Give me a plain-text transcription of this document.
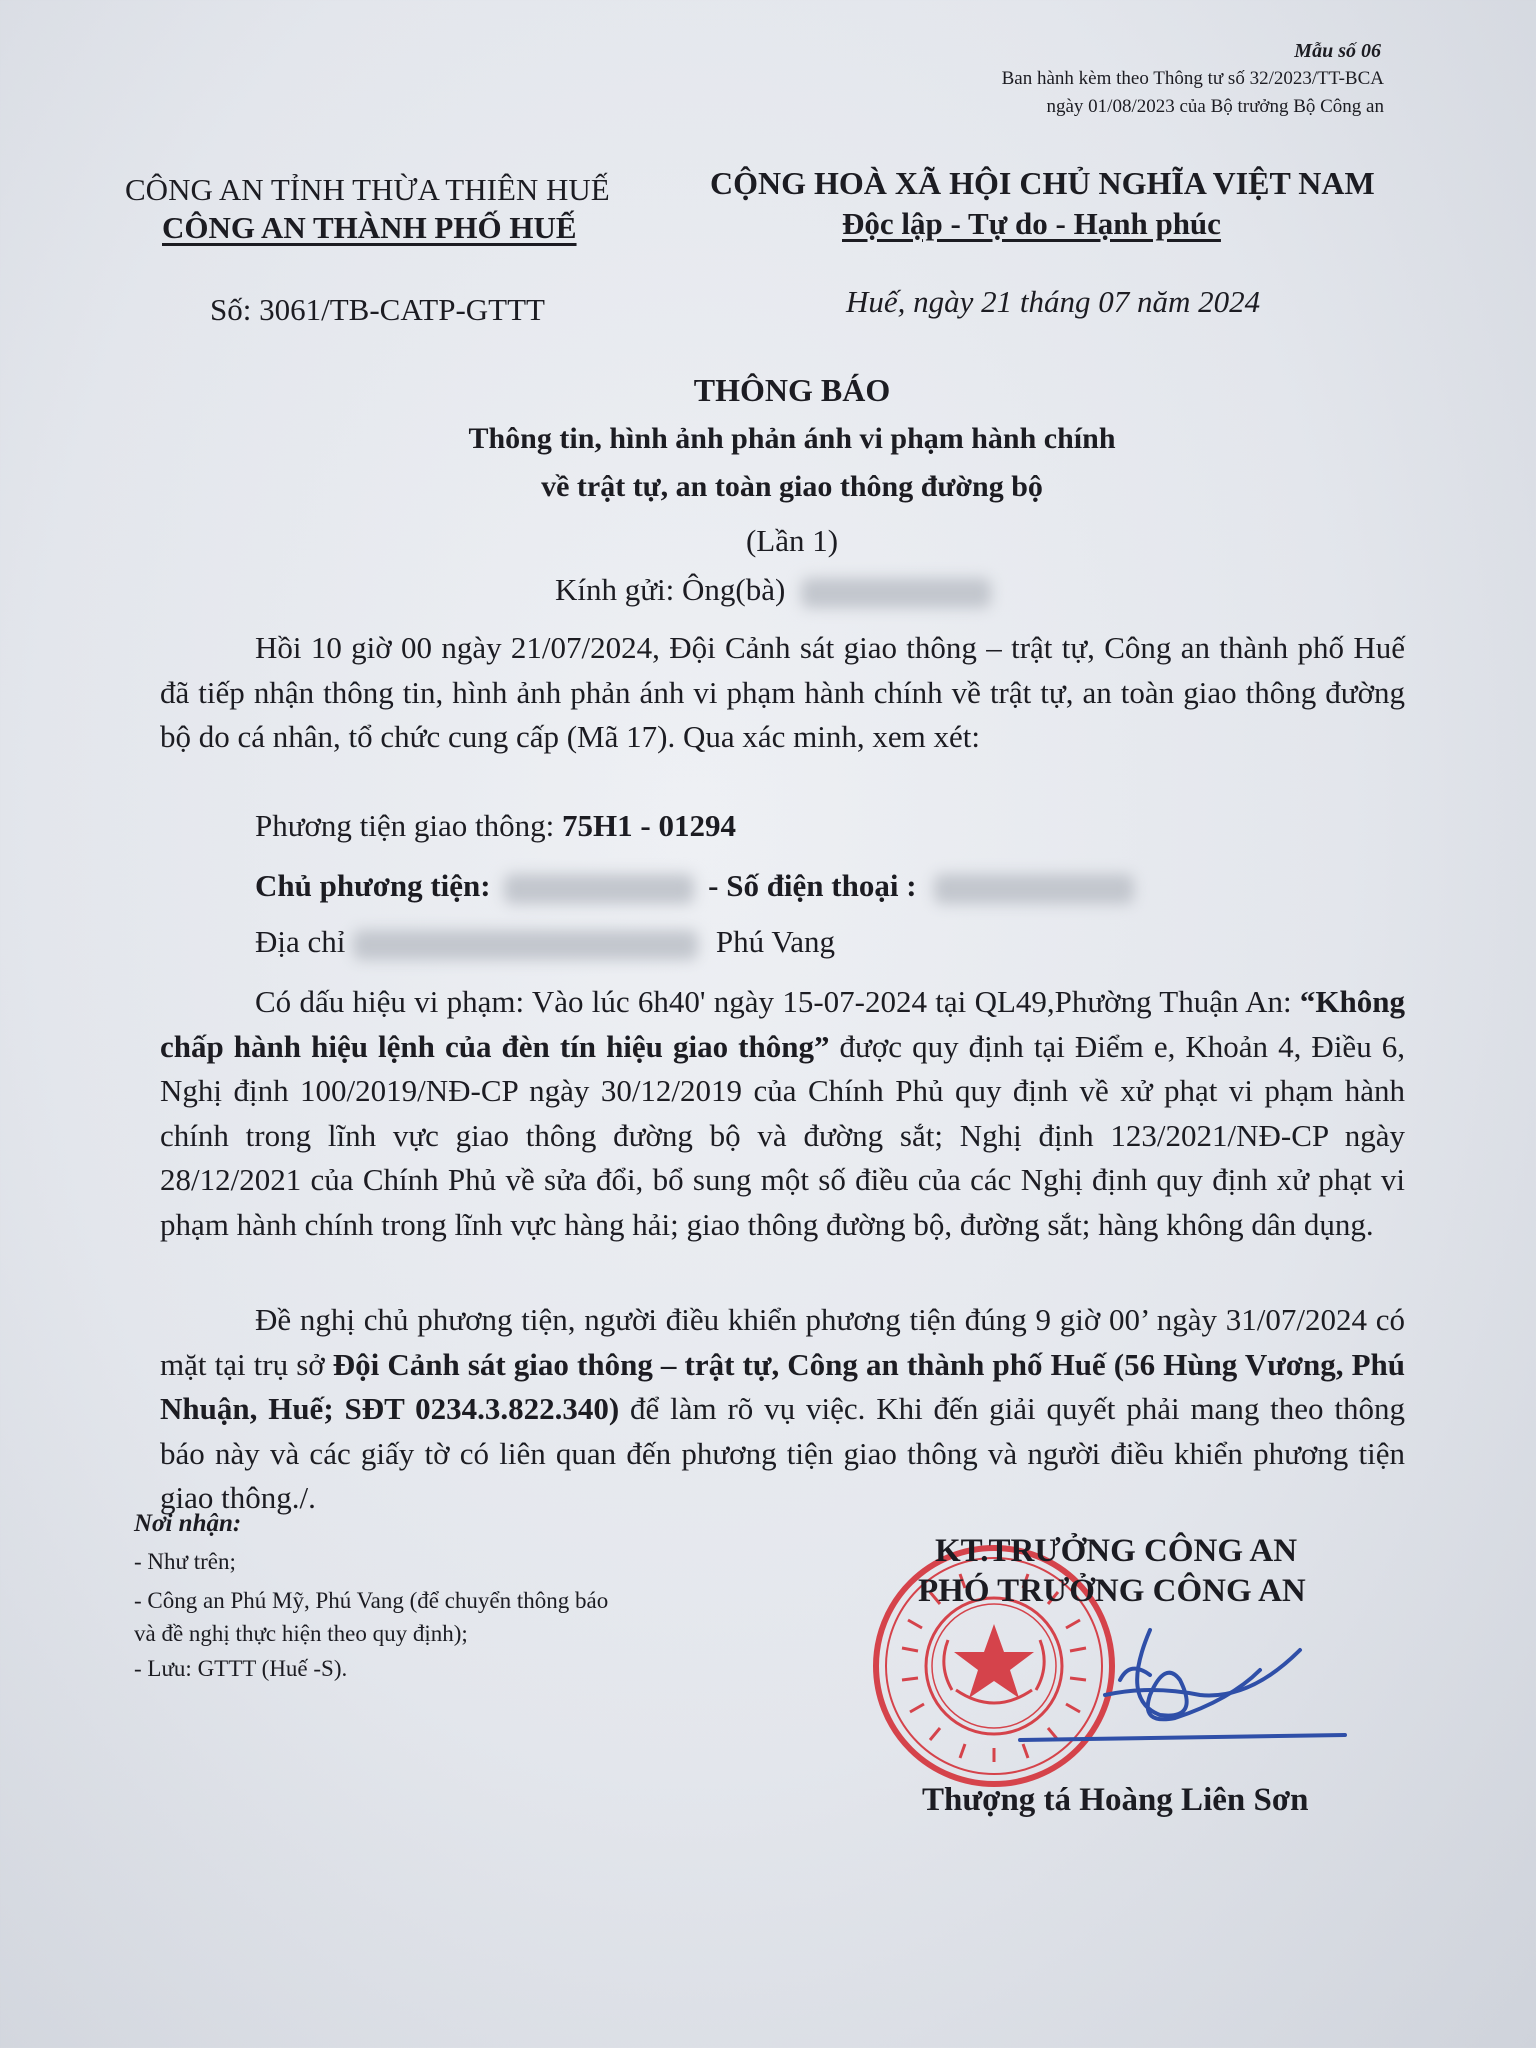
Mẫu số 06
Ban hành kèm theo Thông tư số 32/2023/TT-BCA
ngày 01/08/2023 của Bộ trưởng Bộ Công an
CÔNG AN TỈNH THỪA THIÊN HUẾ
CÔNG AN THÀNH PHỐ HUẾ
Số: 3061/TB-CATP-GTTT
CỘNG HOÀ XÃ HỘI CHỦ NGHĨA VIỆT NAM
Độc lập - Tự do - Hạnh phúc
Huế, ngày 21 tháng 07 năm 2024
THÔNG BÁO
Thông tin, hình ảnh phản ánh vi phạm hành chính
về trật tự, an toàn giao thông đường bộ
(Lần 1)
Kính gửi: Ông(bà)
Hồi 10 giờ 00 ngày 21/07/2024, Đội Cảnh sát giao thông – trật tự, Công an thành phố Huế đã tiếp nhận thông tin, hình ảnh phản ánh vi phạm hành chính về trật tự, an toàn giao thông đường bộ do cá nhân, tổ chức cung cấp (Mã 17). Qua xác minh, xem xét:
Phương tiện giao thông: 75H1 - 01294
Chủ phương tiện:	- Số điện thoại :
Địa chỉ	Phú Vang
Có dấu hiệu vi phạm: Vào lúc 6h40' ngày 15-07-2024 tại QL49,Phường Thuận An: “Không chấp hành hiệu lệnh của đèn tín hiệu giao thông” được quy định tại Điểm e, Khoản 4, Điều 6, Nghị định 100/2019/NĐ-CP ngày 30/12/2019 của Chính Phủ quy định về xử phạt vi phạm hành chính trong lĩnh vực giao thông đường bộ và đường sắt; Nghị định 123/2021/NĐ-CP ngày 28/12/2021 của Chính Phủ về sửa đổi, bổ sung một số điều của các Nghị định quy định xử phạt vi phạm hành chính trong lĩnh vực hàng hải; giao thông đường bộ, đường sắt; hàng không dân dụng.
Đề nghị chủ phương tiện, người điều khiển phương tiện đúng 9 giờ 00’ ngày 31/07/2024 có mặt tại trụ sở Đội Cảnh sát giao thông – trật tự, Công an thành phố Huế (56 Hùng Vương, Phú Nhuận, Huế; SĐT 0234.3.822.340) để làm rõ vụ việc. Khi đến giải quyết phải mang theo thông báo này và các giấy tờ có liên quan đến phương tiện giao thông và người điều khiển phương tiện giao thông./.
Nơi nhận:
- Như trên;
- Công an Phú Mỹ, Phú Vang (để chuyển thông báo
và đề nghị thực hiện theo quy định);
- Lưu: GTTT (Huế -S).
KT.TRƯỞNG CÔNG AN
PHÓ TRƯỞNG CÔNG AN
Thượng tá Hoàng Liên Sơn
